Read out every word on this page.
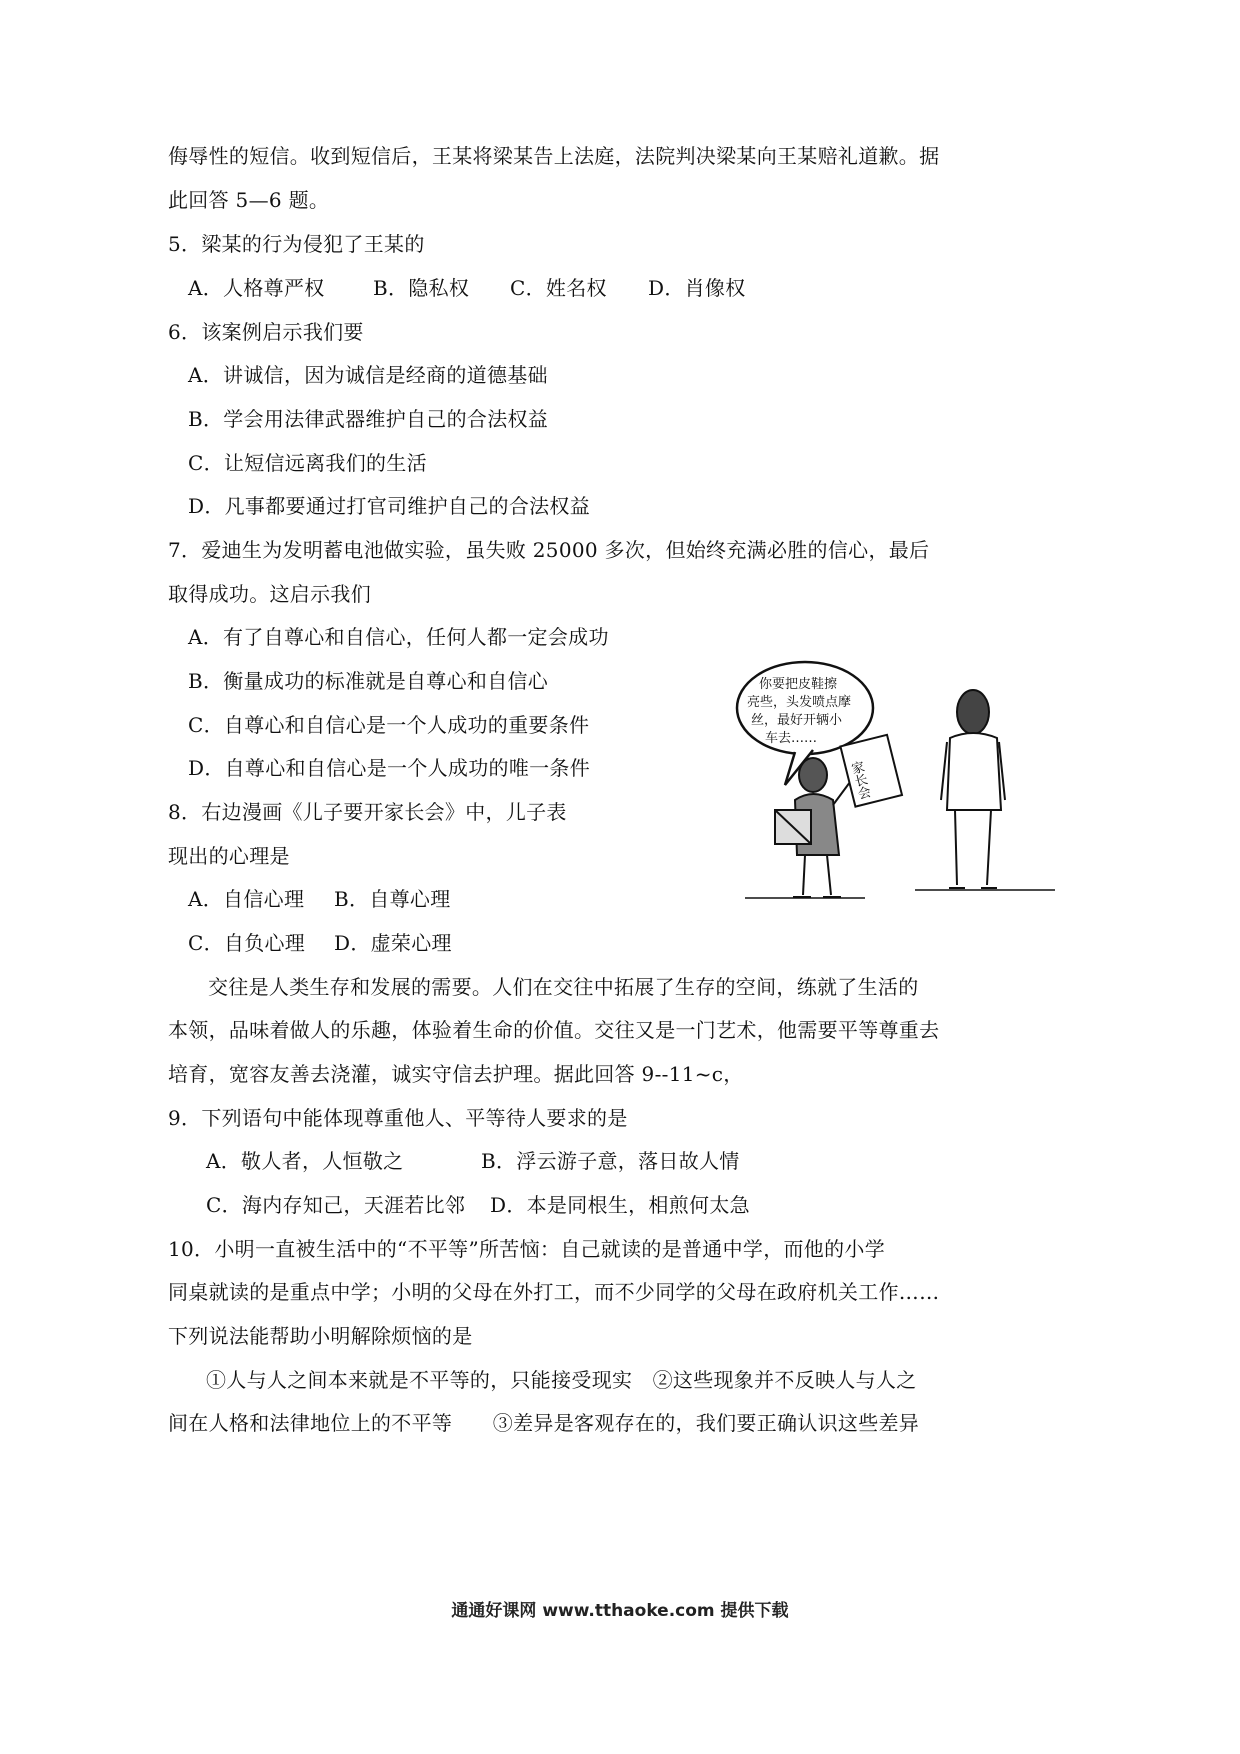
侮辱性的短信。收到短信后，王某将梁某告上法庭，法院判决梁某向王某赔礼道歉。据
此回答 5—6 题。
5．梁某的行为侵犯了王某的
A．人格尊严权 B．隐私权 C．姓名权 D．肖像权
6．该案例启示我们要
A．讲诚信，因为诚信是经商的道德基础
B．学会用法律武器维护自己的合法权益
C．让短信远离我们的生活
D．凡事都要通过打官司维护自己的合法权益
7．爱迪生为发明蓄电池做实验，虽失败 25000 多次，但始终充满必胜的信心，最后
取得成功。这启示我们
A．有了自尊心和自信心，任何人都一定会成功
B．衡量成功的标准就是自尊心和自信心
C．自尊心和自信心是一个人成功的重要条件
D．自尊心和自信心是一个人成功的唯一条件
你要把皮鞋擦
亮些，头发喷点摩
丝，最好开辆小
车去……
家长会
8．右边漫画《儿子要开家长会》中，儿子表
现出的心理是
A．自信心理 B．自尊心理
C．自负心理 D．虚荣心理
交往是人类生存和发展的需要。人们在交往中拓展了生存的空间，练就了生活的
本领，品味着做人的乐趣，体验着生命的价值。交往又是一门艺术，他需要平等尊重去
培育，宽容友善去浇灌，诚实守信去护理。据此回答 9--11~c，
9．下列语句中能体现尊重他人、平等待人要求的是
A．敬人者，人恒敬之	B．浮云游子意，落日故人情
C．海内存知己，天涯若比邻 D．本是同根生，相煎何太急
10．小明一直被生活中的“不平等”所苦恼：自己就读的是普通中学，而他的小学
同桌就读的是重点中学；小明的父母在外打工，而不少同学的父母在政府机关工作……
下列说法能帮助小明解除烦恼的是
①人与人之间本来就是不平等的，只能接受现实　②这些现象并不反映人与人之
间在人格和法律地位上的不平等　　③差异是客观存在的，我们要正确认识这些差异
通通好课网 www.tthaoke.com 提供下载
